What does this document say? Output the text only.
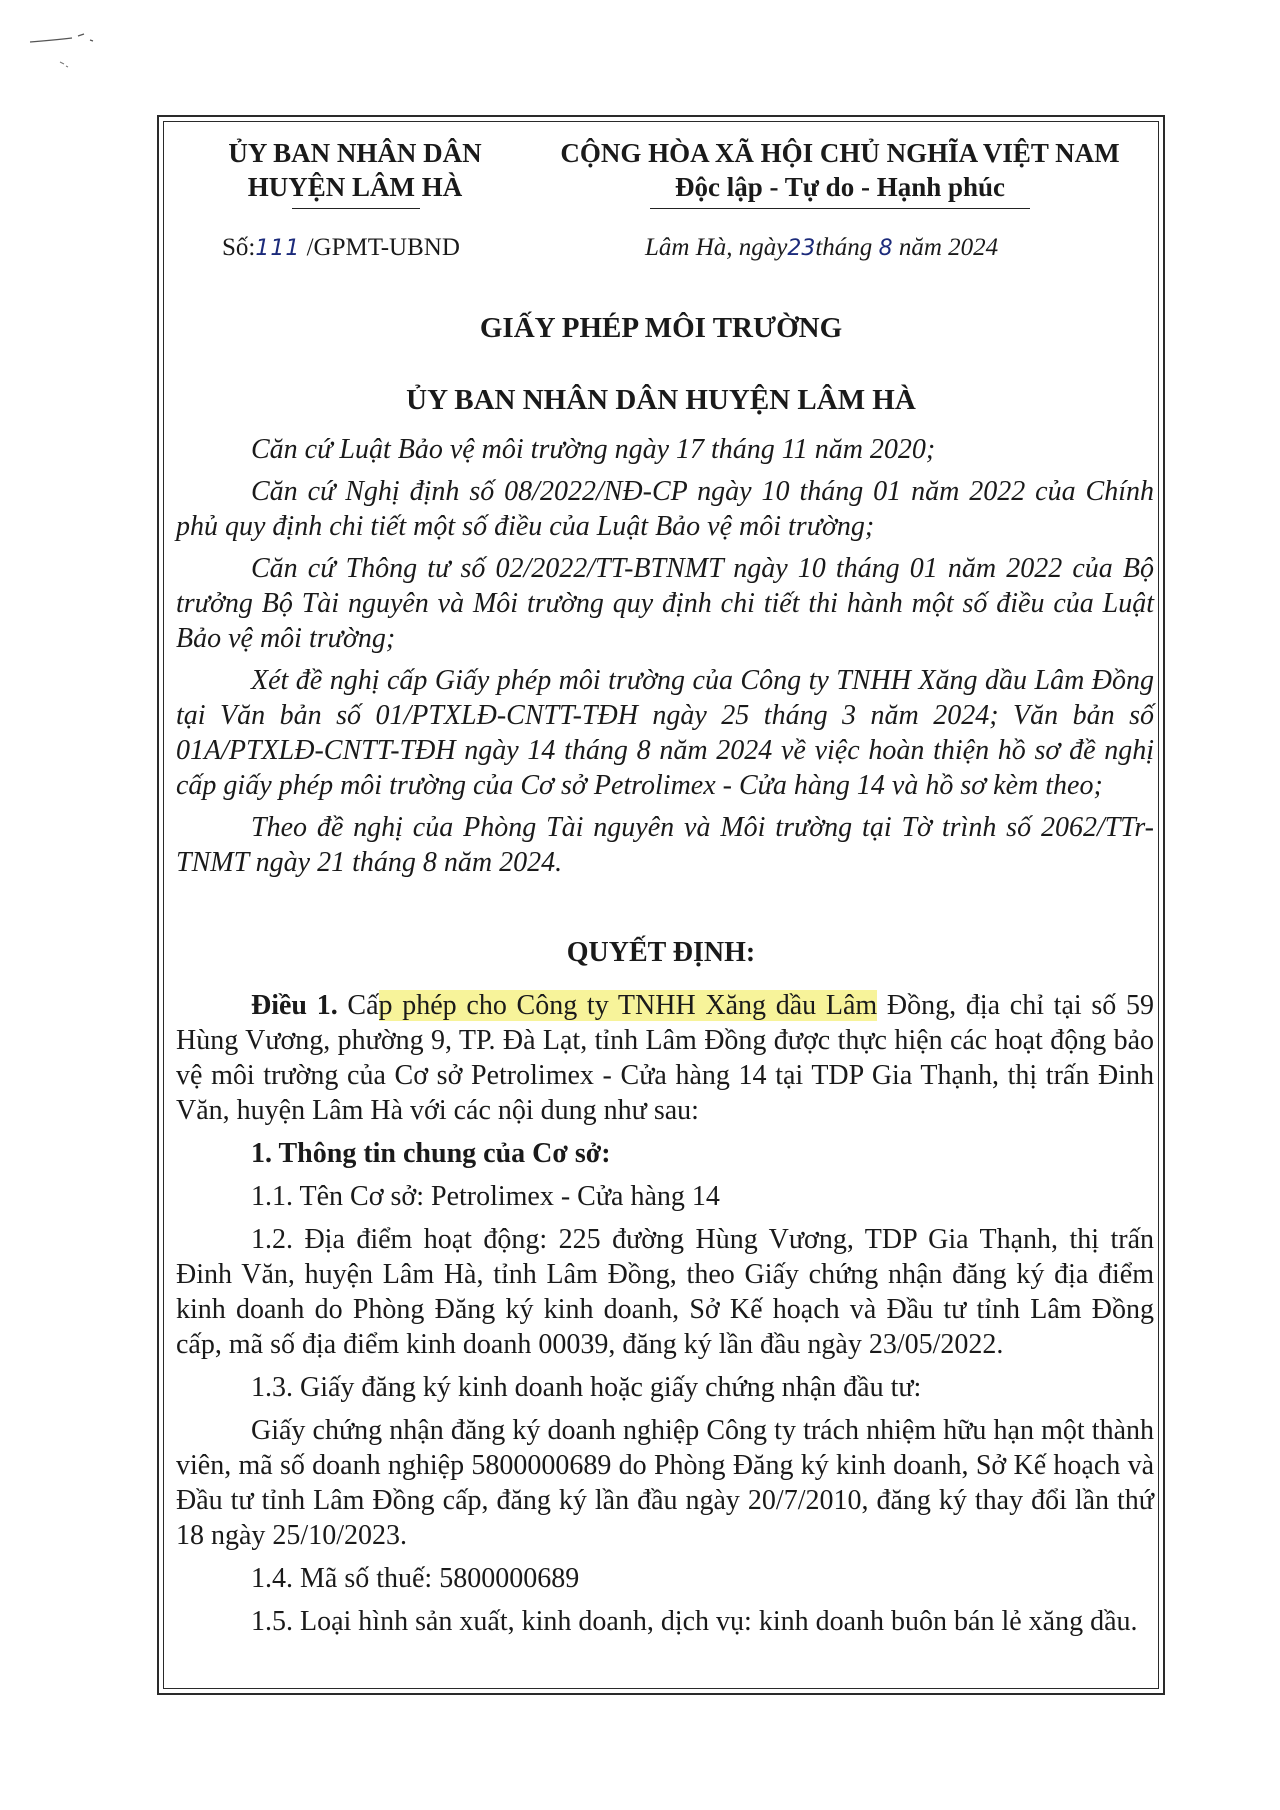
ỦY BAN NHÂN DÂN
HUYỆN LÂM HÀ
CỘNG HÒA XÃ HỘI CHỦ NGHĨA VIỆT NAM
Độc lập - Tự do - Hạnh phúc
Số:111 /GPMT-UBND	Lâm Hà, ngày23tháng 8 năm 2024
GIẤY PHÉP MÔI TRƯỜNG
ỦY BAN NHÂN DÂN HUYỆN LÂM HÀ

Căn cứ Luật Bảo vệ môi trường ngày 17 tháng 11 năm 2020;

Căn cứ Nghị định số 08/2022/NĐ-CP ngày 10 tháng 01 năm 2022 của Chính phủ quy định chi tiết một số điều của Luật Bảo vệ môi trường;

Căn cứ Thông tư số 02/2022/TT-BTNMT ngày 10 tháng 01 năm 2022 của Bộ trưởng Bộ Tài nguyên và Môi trường quy định chi tiết thi hành một số điều của Luật Bảo vệ môi trường;

Xét đề nghị cấp Giấy phép môi trường của Công ty TNHH Xăng dầu Lâm Đồng tại Văn bản số 01/PTXLĐ-CNTT-TĐH ngày 25 tháng 3 năm 2024; Văn bản số 01A/PTXLĐ-CNTT-TĐH ngày 14 tháng 8 năm 2024 về việc hoàn thiện hồ sơ đề nghị cấp giấy phép môi trường của Cơ sở Petrolimex - Cửa hàng 14 và hồ sơ kèm theo;

Theo đề nghị của Phòng Tài nguyên và Môi trường tại Tờ trình số 2062/TTr-TNMT ngày 21 tháng 8 năm 2024.

QUYẾT ĐỊNH:

Điều 1. Cấp phép cho Công ty TNHH Xăng dầu Lâm Đồng, địa chỉ tại số 59 Hùng Vương, phường 9, TP. Đà Lạt, tỉnh Lâm Đồng được thực hiện các hoạt động bảo vệ môi trường của Cơ sở Petrolimex - Cửa hàng 14 tại TDP Gia Thạnh, thị trấn Đinh Văn, huyện Lâm Hà với các nội dung như sau:

1. Thông tin chung của Cơ sở:

1.1. Tên Cơ sở: Petrolimex - Cửa hàng 14

1.2. Địa điểm hoạt động: 225 đường Hùng Vương, TDP Gia Thạnh, thị trấn Đinh Văn, huyện Lâm Hà, tỉnh Lâm Đồng, theo Giấy chứng nhận đăng ký địa điểm kinh doanh do Phòng Đăng ký kinh doanh, Sở Kế hoạch và Đầu tư tỉnh Lâm Đồng cấp, mã số địa điểm kinh doanh 00039, đăng ký lần đầu ngày 23/05/2022.

1.3. Giấy đăng ký kinh doanh hoặc giấy chứng nhận đầu tư:

Giấy chứng nhận đăng ký doanh nghiệp Công ty trách nhiệm hữu hạn một thành viên, mã số doanh nghiệp 5800000689 do Phòng Đăng ký kinh doanh, Sở Kế hoạch và Đầu tư tỉnh Lâm Đồng cấp, đăng ký lần đầu ngày 20/7/2010, đăng ký thay đổi lần thứ 18 ngày 25/10/2023.

1.4. Mã số thuế: 5800000689

1.5. Loại hình sản xuất, kinh doanh, dịch vụ: kinh doanh buôn bán lẻ xăng dầu.
